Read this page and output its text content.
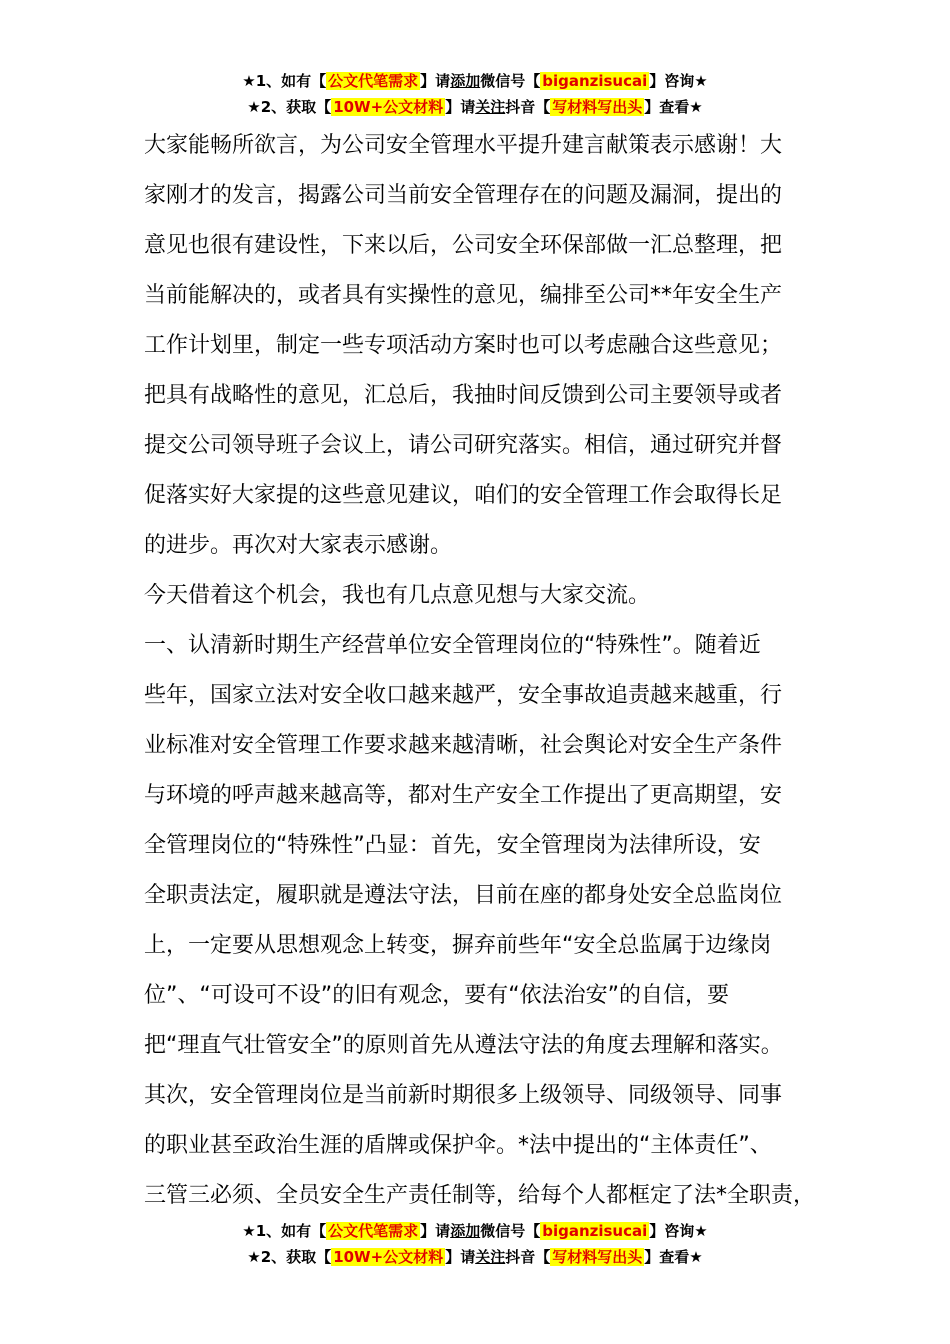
★1、如有【 公文代笔需求 】请添加微信号【 biganzisucai 】咨询★
★2、获取【 10W+公文材料 】请关注抖音【 写材料写出头 】查看★
大家能畅所欲言，为公司安全管理水平提升建言献策表示感谢！大
家刚才的发言，揭露公司当前安全管理存在的问题及漏洞，提出的
意见也很有建设性，下来以后，公司安全环保部做一汇总整理，把
当前能解决的，或者具有实操性的意见，编排至公司**年安全生产
工作计划里，制定一些专项活动方案时也可以考虑融合这些意见；
把具有战略性的意见，汇总后，我抽时间反馈到公司主要领导或者
提交公司领导班子会议上，请公司研究落实。相信，通过研究并督
促落实好大家提的这些意见建议，咱们的安全管理工作会取得长足
的进步。再次对大家表示感谢。
今天借着这个机会，我也有几点意见想与大家交流。
一、认清新时期生产经营单位安全管理岗位的“特殊性”。随着近
些年，国家立法对安全收口越来越严，安全事故追责越来越重，行
业标准对安全管理工作要求越来越清晰，社会舆论对安全生产条件
与环境的呼声越来越高等，都对生产安全工作提出了更高期望，安
全管理岗位的“特殊性”凸显：首先，安全管理岗为法律所设，安
全职责法定，履职就是遵法守法，目前在座的都身处安全总监岗位
上，一定要从思想观念上转变，摒弃前些年“安全总监属于边缘岗
位”、“可设可不设”的旧有观念，要有“依法治安”的自信，要
把“理直气壮管安全”的原则首先从遵法守法的角度去理解和落实。
其次，安全管理岗位是当前新时期很多上级领导、同级领导、同事
的职业甚至政治生涯的盾牌或保护伞。*法中提出的“主体责任”、
三管三必须、全员安全生产责任制等，给每个人都框定了法*全职责，
★1、如有【 公文代笔需求 】请添加微信号【 biganzisucai 】咨询★
★2、获取【 10W+公文材料 】请关注抖音【 写材料写出头 】查看★
